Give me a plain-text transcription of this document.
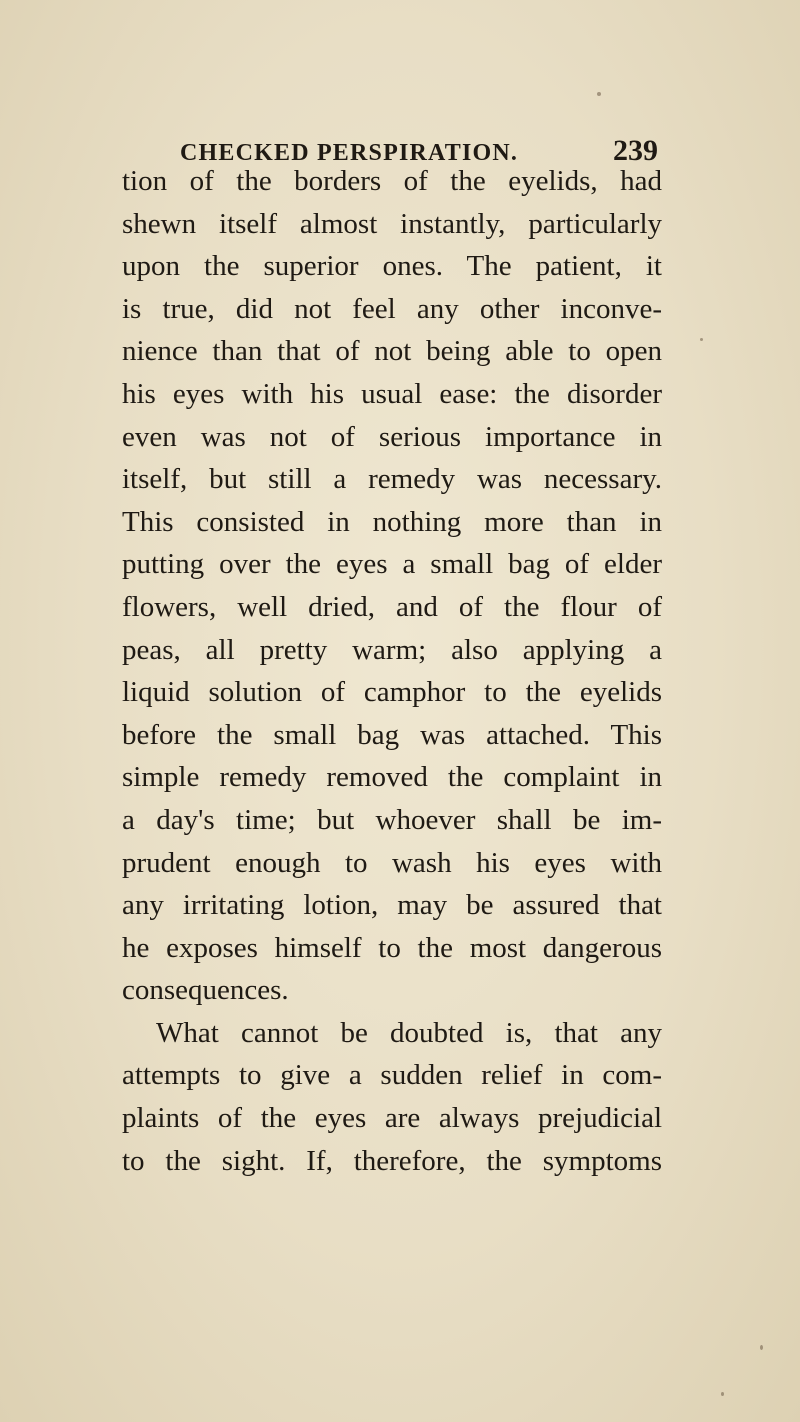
CHECKED PERSPIRATION.	239
tion of the borders of the eyelids, had
shewn itself almost instantly, particularly
upon the superior ones. The patient, it
is true, did not feel any other inconve-
nience than that of not being able to open
his eyes with his usual ease: the disorder
even was not of serious importance in
itself, but still a remedy was necessary.
This consisted in nothing more than in
putting over the eyes a small bag of elder
flowers, well dried, and of the flour of
peas, all pretty warm; also applying a
liquid solution of camphor to the eyelids
before the small bag was attached. This
simple remedy removed the complaint in
a day's time; but whoever shall be im-
prudent enough to wash his eyes with
any irritating lotion, may be assured that
he exposes himself to the most dangerous
consequences.
What cannot be doubted is, that any
attempts to give a sudden relief in com-
plaints of the eyes are always prejudicial
to the sight. If, therefore, the symptoms
